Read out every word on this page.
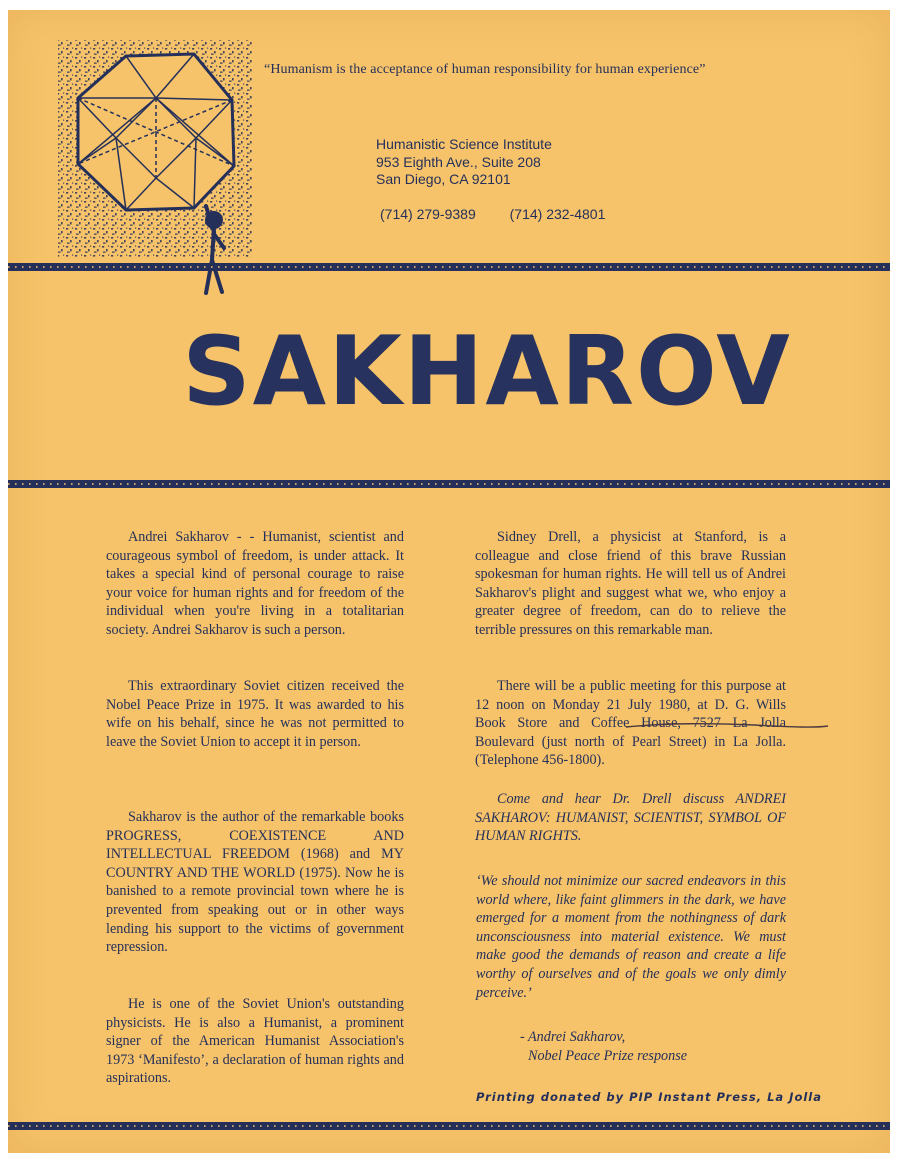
“Humanism is the acceptance of human responsibility for human experience”
Humanistic Science Institute
953 Eighth Ave., Suite 208
San Diego, CA 92101
(714) 279-9389 (714) 232-4801
SAKHAROV

Andrei Sakharov - - Humanist, scientist and courageous symbol of freedom, is under attack. It takes a special kind of personal courage to raise your voice for human rights and for freedom of the individual when you're living in a totalitarian society. Andrei Sakharov is such a person.

This extraordinary Soviet citizen received the Nobel Peace Prize in 1975. It was awarded to his wife on his behalf, since he was not permitted to leave the Soviet Union to accept it in person.

Sakharov is the author of the remarkable books PROGRESS, COEXISTENCE AND INTELLECTUAL FREEDOM (1968) and MY COUNTRY AND THE WORLD (1975). Now he is banished to a remote provincial town where he is prevented from speaking out or in other ways lending his support to the victims of government repression.

He is one of the Soviet Union's outstanding physicists. He is also a Humanist, a prominent signer of the American Humanist Association's 1973 ‘Manifesto’, a declaration of human rights and aspirations.

Sidney Drell, a physicist at Stanford, is a colleague and close friend of this brave Russian spokesman for human rights. He will tell us of Andrei Sakharov's plight and suggest what we, who enjoy a greater degree of freedom, can do to relieve the terrible pressures on this remarkable man.

There will be a public meeting for this purpose at 12 noon on Monday 21 July 1980, at D. G. Wills Book Store and Coffee House, 7527 La Jolla Boulevard (just north of Pearl Street) in La Jolla. (Telephone 456-1800).

Come and hear Dr. Drell discuss ANDREI SAKHAROV: HUMANIST, SCIENTIST, SYMBOL OF HUMAN RIGHTS.

‘We should not minimize our sacred endeavors in this world where, like faint glimmers in the dark, we have emerged for a moment from the nothingness of dark unconsciousness into material existence. We must make good the demands of reason and create a life worthy of ourselves and of the goals we only dimly perceive.’

- Andrei Sakharov,
Nobel Peace Prize response
Printing donated by PIP Instant Press, La Jolla
